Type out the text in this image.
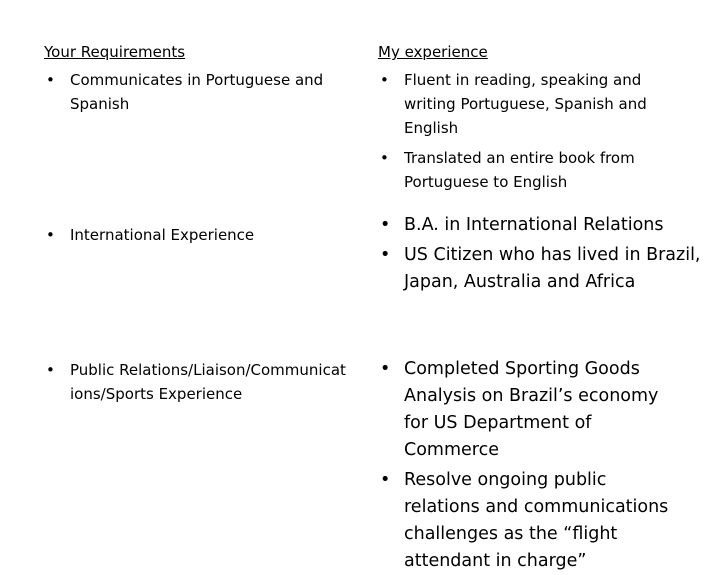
Your Requirements
• Communicates in Portuguese and Spanish
• International Experience
• Public Relations/Liaison/Communications/Sports Experience
My experience
• Fluent in reading, speaking and writing Portuguese, Spanish and English
• Translated an entire book from Portuguese to English
• B.A. in International Relations
• US Citizen who has lived in Brazil, Japan, Australia and Africa
• Completed Sporting Goods Analysis on Brazil’s economy for US Department of Commerce
• Resolve ongoing public relations and communications challenges as the “flight attendant in charge”
